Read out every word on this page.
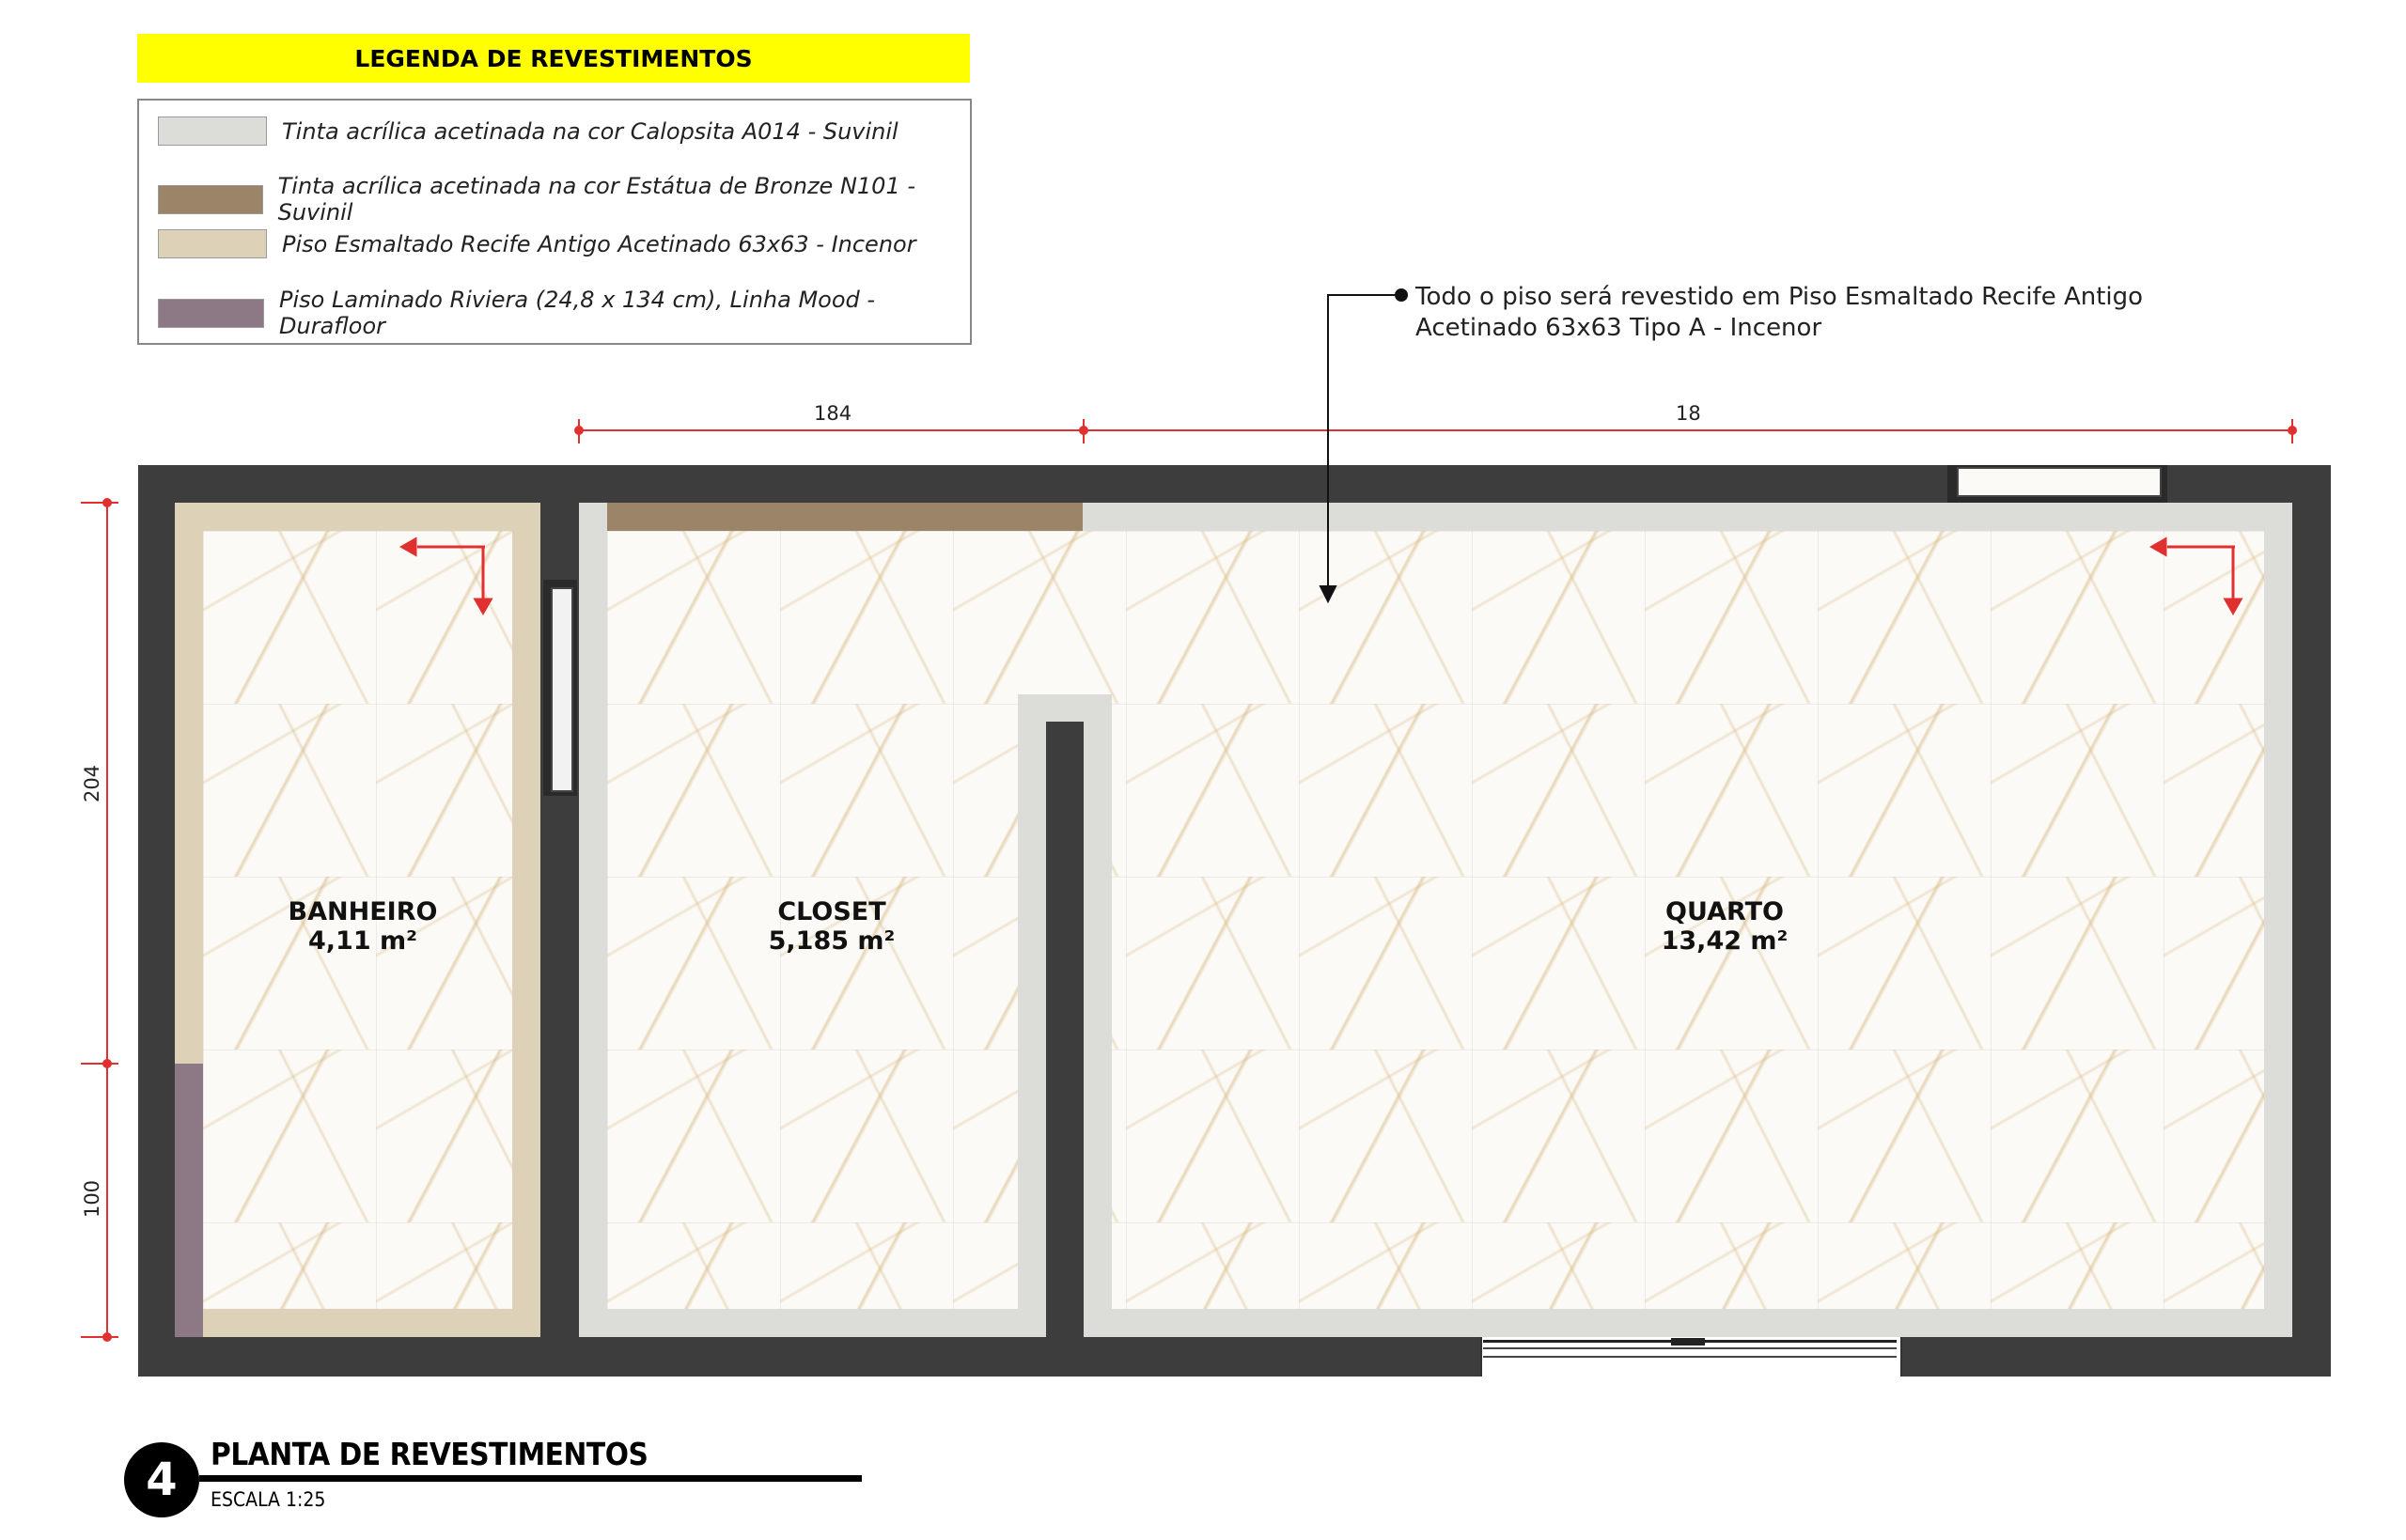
LEGENDA DE REVESTIMENTOS
Tinta acrílica acetinada na cor Calopsita A014 - Suvinil
Tinta acrílica acetinada na cor Estátua de Bronze N101 - Suvinil
Piso Esmaltado Recife Antigo Acetinado 63x63 - Incenor
Piso Laminado Riviera (24,8 x 134 cm), Linha Mood - Durafloor
Todo o piso será revestido em Piso Esmaltado Recife Antigo
Acetinado 63x63 Tipo A - Incenor
BANHEIRO
4,11 m²
CLOSET
5,185 m²
QUARTO
13,42 m²
184	18
204
100
4	PLANTA DE REVESTIMENTOS
ESCALA 1:25
